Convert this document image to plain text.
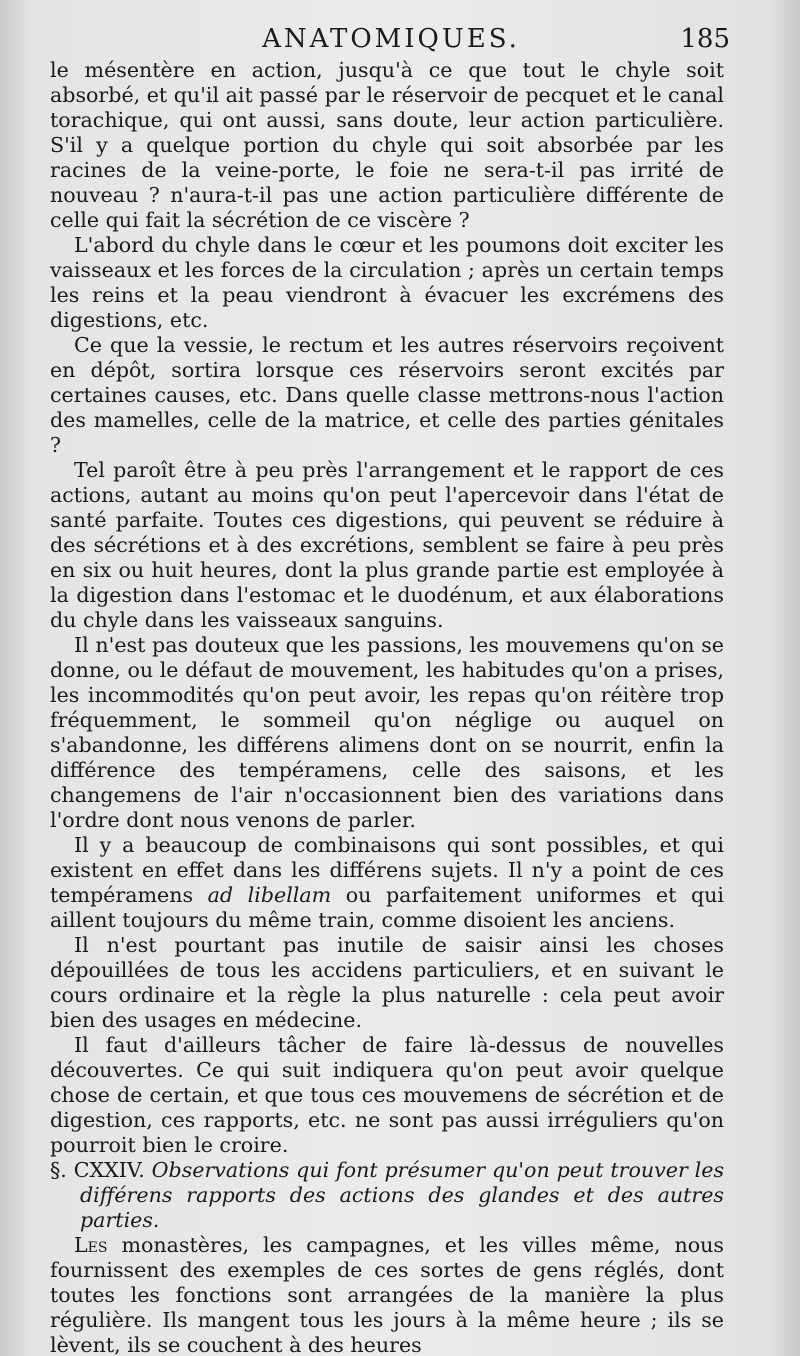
ANATOMIQUES.	185

le mésentère en action, jusqu'à ce que tout le chyle soit absorbé, et qu'il ait passé par le réservoir de pecquet et le canal torachique, qui ont aussi, sans doute, leur action particulière. S'il y a quelque portion du chyle qui soit absorbée par les racines de la veine-porte, le foie ne sera-t-il pas irrité de nouveau ? n'aura-t-il pas une action particulière différente de celle qui fait la sécrétion de ce viscère ?

L'abord du chyle dans le cœur et les poumons doit exciter les vaisseaux et les forces de la circulation ; après un certain temps les reins et la peau viendront à évacuer les excrémens des digestions, etc.

Ce que la vessie, le rectum et les autres réservoirs reçoivent en dépôt, sortira lorsque ces réservoirs seront excités par certaines causes, etc. Dans quelle classe mettrons-nous l'action des mamelles, celle de la matrice, et celle des parties génitales ?

Tel paroît être à peu près l'arrangement et le rapport de ces actions, autant au moins qu'on peut l'apercevoir dans l'état de santé parfaite. Toutes ces digestions, qui peuvent se réduire à des sécrétions et à des excrétions, semblent se faire à peu près en six ou huit heures, dont la plus grande partie est employée à la digestion dans l'estomac et le duodénum, et aux élaborations du chyle dans les vaisseaux sanguins.

Il n'est pas douteux que les passions, les mouvemens qu'on se donne, ou le défaut de mouvement, les habitudes qu'on a prises, les incommodités qu'on peut avoir, les repas qu'on réitère trop fréquemment, le sommeil qu'on néglige ou auquel on s'abandonne, les différens alimens dont on se nourrit, enfin la différence des tempéramens, celle des saisons, et les changemens de l'air n'occasionnent bien des variations dans l'ordre dont nous venons de parler.

Il y a beaucoup de combinaisons qui sont possibles, et qui existent en effet dans les différens sujets. Il n'y a point de ces tempéramens ad libellam ou parfaitement uniformes et qui aillent toujours du même train, comme disoient les anciens.

Il n'est pourtant pas inutile de saisir ainsi les choses dépouillées de tous les accidens particuliers, et en suivant le cours ordinaire et la règle la plus naturelle : cela peut avoir bien des usages en médecine.

Il faut d'ailleurs tâcher de faire là-dessus de nouvelles découvertes. Ce qui suit indiquera qu'on peut avoir quelque chose de certain, et que tous ces mouvemens de sécrétion et de digestion, ces rapports, etc. ne sont pas aussi irréguliers qu'on pourroit bien le croire.

§. CXXIV. Observations qui font présumer qu'on peut trouver les différens rapports des actions des glandes et des autres parties.

Les monastères, les campagnes, et les villes même, nous fournissent des exemples de ces sortes de gens réglés, dont toutes les fonctions sont arrangées de la manière la plus régulière. Ils mangent tous les jours à la même heure ; ils se lèvent, ils se couchent à des heures
